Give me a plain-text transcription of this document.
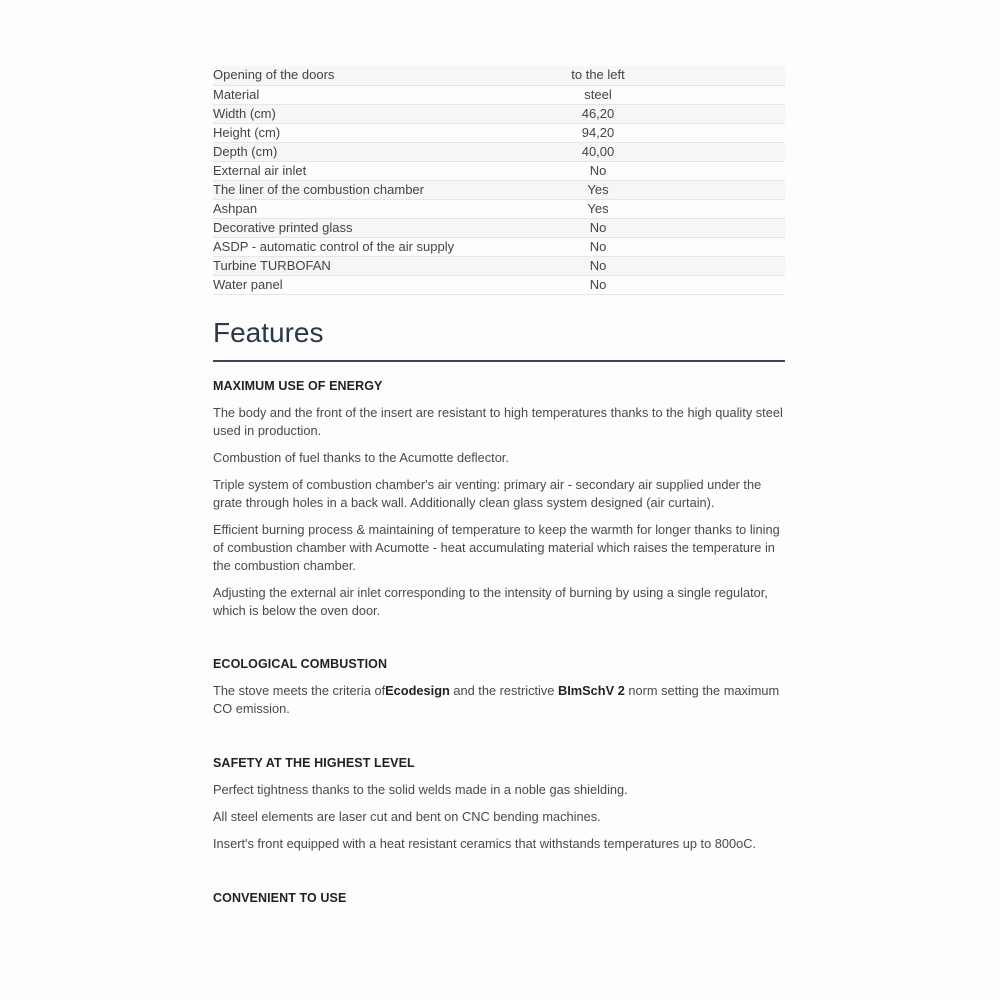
Opening of the doors	to the left
Material	steel
Width (cm)	46,20
Height (cm)	94,20
Depth (cm)	40,00
External air inlet	No
The liner of the combustion chamber	Yes
Ashpan	Yes
Decorative printed glass	No
ASDP - automatic control of the air supply	No
Turbine TURBOFAN	No
Water panel	No
Features
MAXIMUM USE OF ENERGY

The body and the front of the insert are resistant to high temperatures thanks to the high quality steel used in production.

Combustion of fuel thanks to the Acumotte deflector.

Triple system of combustion chamber's air venting: primary air - secondary air supplied under the grate through holes in a back wall. Additionally clean glass system designed (air curtain).

Efficient burning process & maintaining of temperature to keep the warmth for longer thanks to lining of combustion chamber with Acumotte - heat accumulating material which raises the temperature in the combustion chamber.

Adjusting the external air inlet corresponding to the intensity of burning by using a single regulator, which is below the oven door.

ECOLOGICAL COMBUSTION

The stove meets the criteria ofEcodesign and the restrictive BImSchV 2 norm setting the maximum CO emission.

SAFETY AT THE HIGHEST LEVEL

Perfect tightness thanks to the solid welds made in a noble gas shielding.

All steel elements are laser cut and bent on CNC bending machines.

Insert's front equipped with a heat resistant ceramics that withstands temperatures up to 800oC.

CONVENIENT TO USE
